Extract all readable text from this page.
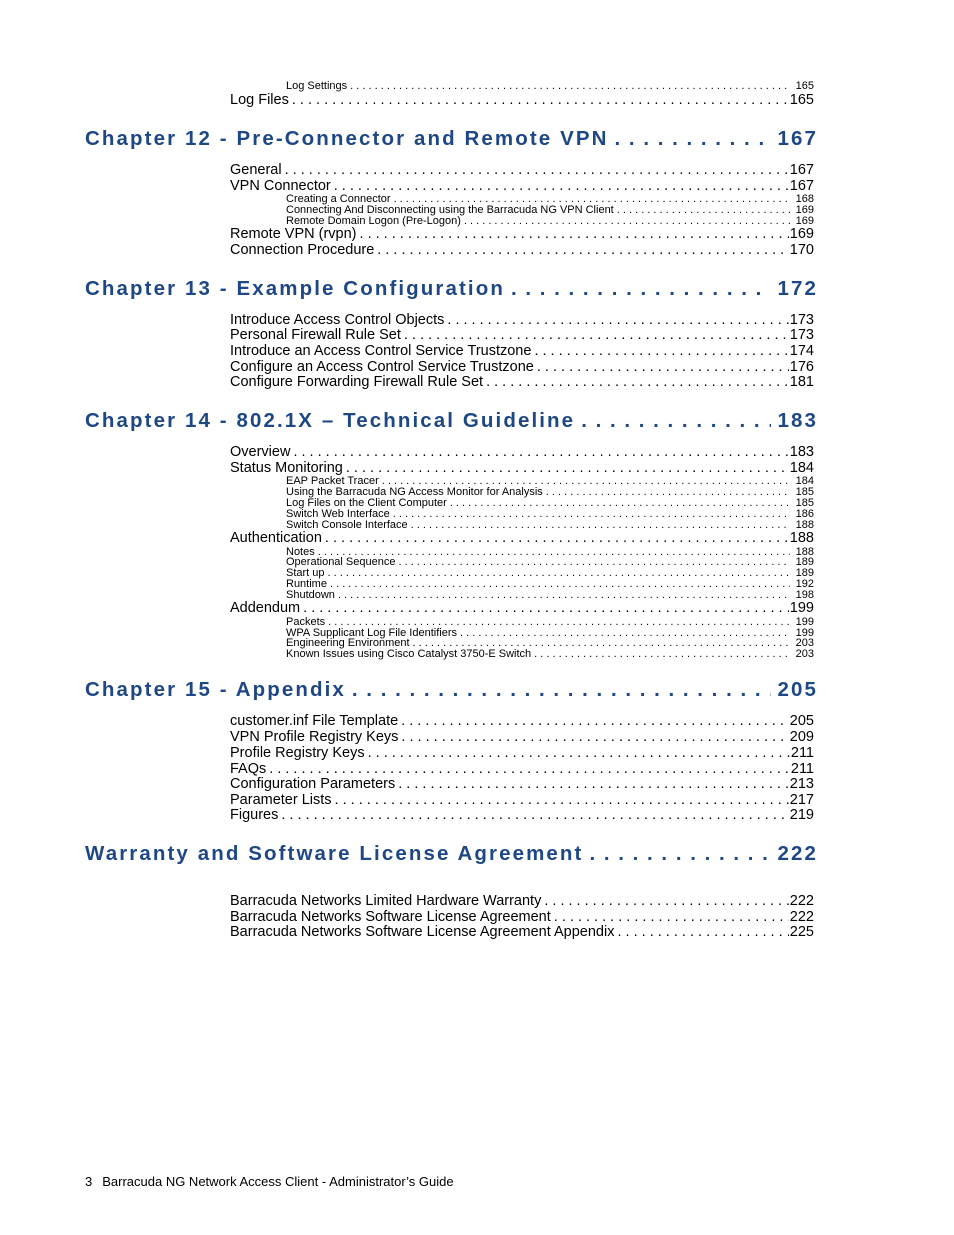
Log Settings . . .	165
Log Files . . .	165
Chapter 12 - Pre-Connector and Remote VPN . . .	167
General . . .	167
VPN Connector . . .	167
Creating a Connector . . .	168
Connecting And Disconnecting using the Barracuda NG VPN Client . . .	169
Remote Domain Logon (Pre-Logon) . . .	169
Remote VPN (rvpn) . . .	169
Connection Procedure . . .	170
Chapter 13 - Example Configuration . . .	172
Introduce Access Control Objects . . .	173
Personal Firewall Rule Set . . .	173
Introduce an Access Control Service Trustzone . . .	174
Configure an Access Control Service Trustzone . . .	176
Configure Forwarding Firewall Rule Set . . .	181
Chapter 14 - 802.1X – Technical Guideline . . .	183
Overview . . .	183
Status Monitoring . . .	184
EAP Packet Tracer . . .	184
Using the Barracuda NG Access Monitor for Analysis . . .	185
Log Files on the Client Computer . . .	185
Switch Web Interface . . .	186
Switch Console Interface . . .	188
Authentication . . .	188
Notes . . .	188
Operational Sequence . . .	189
Start up . . .	189
Runtime . . .	192
Shutdown . . .	198
Addendum . . .	199
Packets . . .	199
WPA Supplicant Log File Identifiers . . .	199
Engineering Environment . . .	203
Known Issues using Cisco Catalyst 3750-E Switch . . .	203
Chapter 15 - Appendix . . .	205
customer.inf File Template . . .	205
VPN Profile Registry Keys . . .	209
Profile Registry Keys . . .	211
FAQs . . .	211
Configuration Parameters . . .	213
Parameter Lists . . .	217
Figures . . .	219
Warranty and Software License Agreement . . .	222
Barracuda Networks Limited Hardware Warranty . . .	222
Barracuda Networks Software License Agreement . . .	222
Barracuda Networks Software License Agreement Appendix . . .	225
3 Barracuda NG Network Access Client - Administrator’s Guide
